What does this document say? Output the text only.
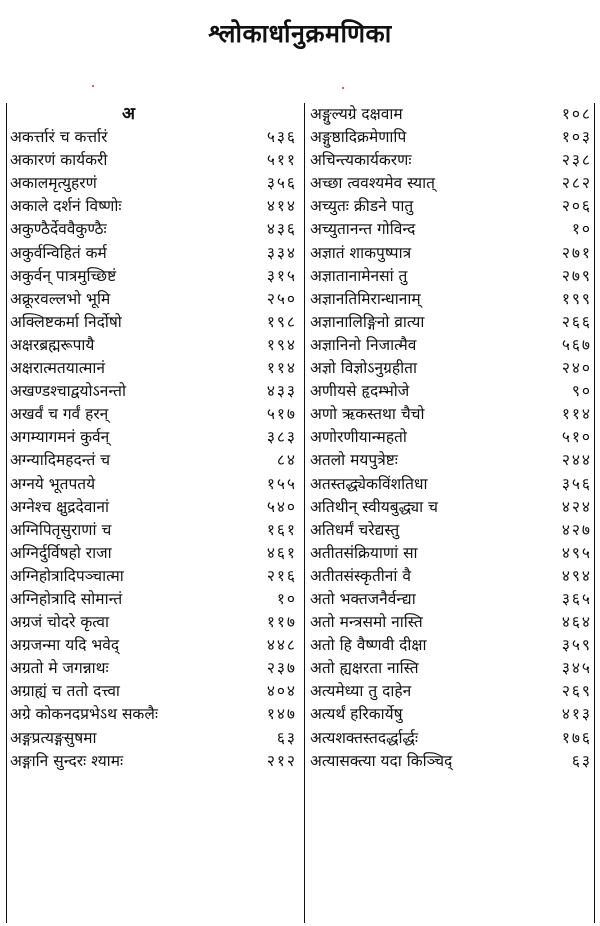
श्लोकार्धानुक्रमणिका
अ
अकर्त्तारं च कर्त्तारं	५३६
अकारणं कार्यकरी	५११
अकालमृत्युहरणं	३५६
अकाले दर्शनं विष्णोः	४१४
अकुण्ठैर्देववैकुण्ठैः	४३६
अकुर्वन्विहितं कर्म	३३४
अकुर्वन् पात्रमुच्छिष्टं	३१५
अक्रूरवल्लभो भूमि	२५०
अक्लिष्टकर्मा निर्दोषो	१९८
अक्षरब्रह्मरूपायै	१९४
अक्षरात्मतयात्मानं	११४
अखण्डश्चाद्वयोऽनन्तो	४३३
अखर्वं च गर्वं हरन्	५१७
अगम्यागमनं कुर्वन्	३८३
अग्न्यादिमहदन्तं च	८४
अग्नये भूतपतये	१५५
अग्नेश्च क्षुद्रदेवानां	५४०
अग्निपितृसुराणां च	१६१
अग्निर्दुर्विषहो राजा	४६१
अग्निहोत्रादिपञ्चात्मा	२१६
अग्निहोत्रादि सोमान्तं	१०
अग्रजं चोदरे कृत्वा	११७
अग्रजन्मा यदि भवेद्	४४८
अग्रतो मे जगन्नाथः	२३७
अग्राह्यं च ततो दत्त्वा	४०४
अग्रे कोकनदप्रभेऽथ सकलैः	१४७
अङ्गप्रत्यङ्गसुषमा	६३
अङ्गानि सुन्दरः श्यामः	२१२
अङ्गुल्यग्रे दक्षवाम	१०८
अङ्गुष्ठादिक्रमेणापि	१०३
अचिन्त्यकार्यकरणः	२३८
अच्छा त्ववश्यमेव स्यात्	२८२
अच्युतः क्रीडने पातु	२०६
अच्युतानन्त गोविन्द	१०
अज्ञातं शाकपुष्पात्र	२७१
अज्ञातानामेनसां तु	२७९
अज्ञानतिमिरान्धानाम्	१९९
अज्ञानालिङ्गिनो व्रात्या	२६६
अज्ञानिनो निजात्मैव	५६७
अज्ञो विज्ञोऽनुग्रहीता	२४०
अणीयसे हृदम्भोजे	९०
अणो ऋकस्तथा चैचो	११४
अणोरणीयान्महतो	५१०
अतलो मयपुत्रेष्टः	२४४
अतस्तद्ध्येकविंशतिधा	३५६
अतिथीन् स्वीयबुद्ध्या च	४२४
अतिधर्मं चरेद्यस्तु	४२७
अतीतसंक्रियाणां सा	४९५
अतीतसंस्कृतीनां वै	४९४
अतो भक्तजनैर्वन्द्या	३६५
अतो मन्त्रसमो नास्ति	४६४
अतो हि वैष्णवी दीक्षा	३५९
अतो ह्यक्षरता नास्ति	३४५
अत्यमेध्या तु दाहेन	२६९
अत्यर्थं हरिकार्येषु	४१३
अत्यशक्तस्तदर्द्धार्द्धः	१७६
अत्यासक्त्या यदा किञ्चिद्	६३
